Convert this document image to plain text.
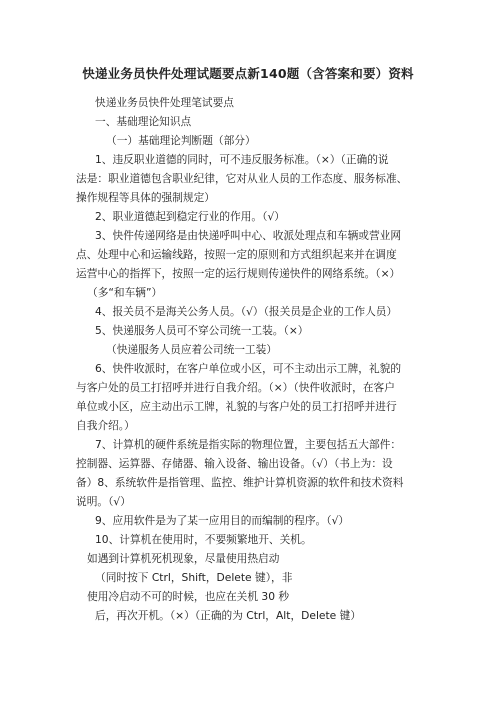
快递业务员快件处理试题要点新140题（含答案和要）资料
快递业务员快件处理笔试要点
一、基础理论知识点
（一）基础理论判断题（部分）
1、违反职业道德的同时，可不违反服务标准。（×）（正确的说
法是：职业道德包含职业纪律，它对从业人员的工作态度、服务标准、
操作规程等具体的强制规定）
2、职业道德起到稳定行业的作用。（√）
3、快件传递网络是由快递呼叫中心、收派处理点和车辆或营业网
点、处理中心和运输线路，按照一定的原则和方式组织起来并在调度
运营中心的指挥下，按照一定的运行规则传递快件的网络系统。（×）
（多“和车辆”）
4、报关员不是海关公务人员。（√）（报关员是企业的工作人员）
5、快递服务人员可不穿公司统一工装。（×）
（快递服务人员应着公司统一工装）
6、快件收派时，在客户单位或小区，可不主动出示工牌，礼貌的
与客户处的员工打招呼并进行自我介绍。（×）（快件收派时，在客户
单位或小区，应主动出示工牌，礼貌的与客户处的员工打招呼并进行
自我介绍。）
7、计算机的硬件系统是指实际的物理位置，主要包括五大部件：
控制器、运算器、存储器、输入设备、输出设备。（√）（书上为：设
备）8、系统软件是指管理、监控、维护计算机资源的软件和技术资料
说明。（√）
9、应用软件是为了某一应用目的而编制的程序。（√）
10、计算机在使用时，不要频繁地开、关机。
如遇到计算机死机现象，尽量使用热启动
（同时按下 Ctrl，Shift，Delete 键），非
使用冷启动不可的时候，也应在关机 30 秒
后，再次开机。（×）（正确的为 Ctrl，Alt，Delete 键）
